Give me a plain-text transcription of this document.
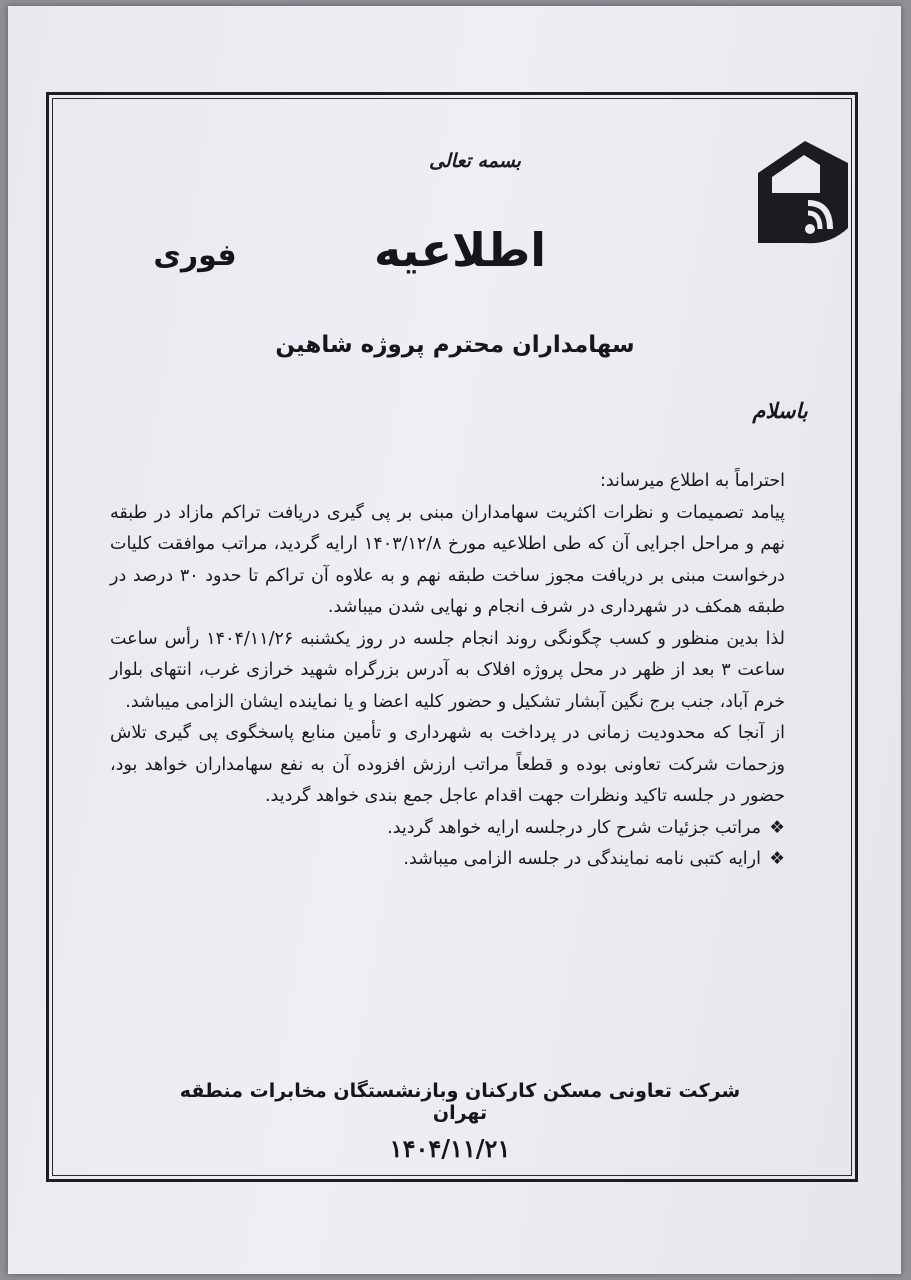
بسمه تعالی
اطلاعیه
فوری
سهامداران محترم پروژه شاهین
باسلام

احتراماً به اطلاع میرساند:

پیامد تصمیمات و نظرات اکثریت سهامداران مبنی بر پی گیری دریافت تراکم مازاد در طبقه نهم و مراحل اجرایی آن که طی اطلاعیه مورخ ۱۴۰۳/۱۲/۸ ارایه گردید، مراتب موافقت کلیات درخواست مبنی بر دریافت مجوز ساخت طبقه نهم و به علاوه آن تراکم تا حدود ۳۰ درصد در طبقه همکف در شهرداری در شرف انجام و نهایی شدن میباشد.

لذا بدین منظور و کسب چگونگی روند انجام جلسه در روز یکشنبه ۱۴۰۴/۱۱/۲۶ رأس ساعت ساعت ۳ بعد از ظهر در محل پروژه افلاک به آدرس بزرگراه شهید خرازی غرب، انتهای بلوار خرم آباد، جنب برج نگین آبشار تشکیل و حضور کلیه اعضا و یا نماینده ایشان الزامی میباشد.

از آنجا که محدودیت زمانی در پرداخت به شهرداری و تأمین منابع پاسخگوی پی گیری تلاش وزحمات شرکت تعاونی بوده و قطعاً مراتب ارزش افزوده آن به نفع سهامداران خواهد بود، حضور در جلسه تاکید ونظرات جهت اقدام عاجل جمع بندی خواهد گردید.

❖
مراتب جزئیات شرح کار درجلسه ارایه خواهد گردید.
❖
ارایه کتبی نامه نمایندگی در جلسه الزامی میباشد.
شرکت تعاونی مسکن کارکنان وبازنشستگان مخابرات منطقه تهران
۱۴۰۴/۱۱/۲۱
